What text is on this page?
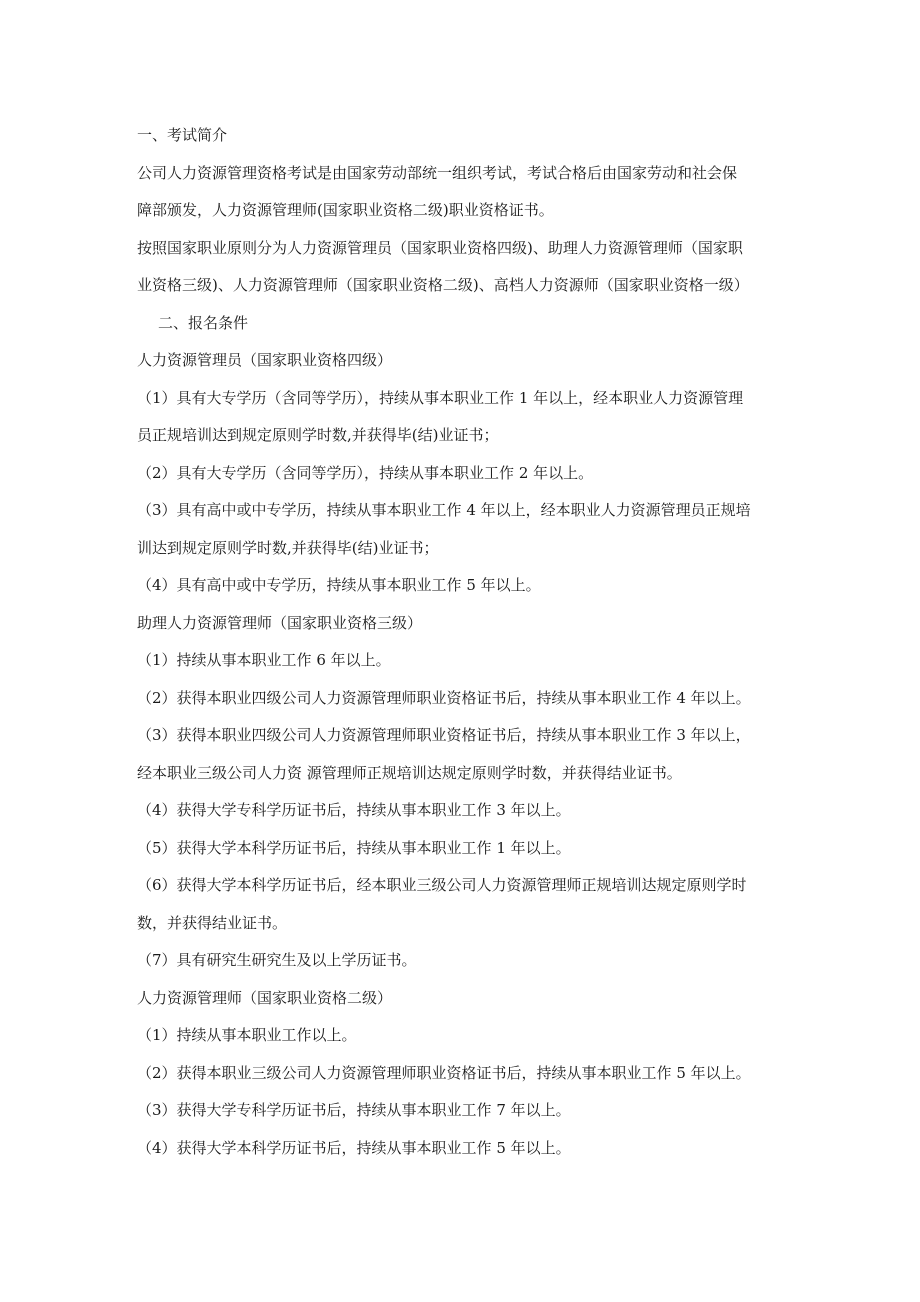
一、考试简介
公司人力资源管理资格考试是由国家劳动部统一组织考试，考试合格后由国家劳动和社会保
障部颁发，人力资源管理师(国家职业资格二级)职业资格证书。
按照国家职业原则分为人力资源管理员（国家职业资格四级)、助理人力资源管理师（国家职
业资格三级)、人力资源管理师（国家职业资格二级)、高档人力资源师（国家职业资格一级）
二、报名条件
人力资源管理员（国家职业资格四级）
（1）具有大专学历（含同等学历），持续从事本职业工作 1 年以上，经本职业人力资源管理
员正规培训达到规定原则学时数,并获得毕(结)业证书；
（2）具有大专学历（含同等学历），持续从事本职业工作 2 年以上。
（3）具有高中或中专学历，持续从事本职业工作 4 年以上，经本职业人力资源管理员正规培
训达到规定原则学时数,并获得毕(结)业证书；
（4）具有高中或中专学历，持续从事本职业工作 5 年以上。
助理人力资源管理师（国家职业资格三级）
（1）持续从事本职业工作 6 年以上。
（2）获得本职业四级公司人力资源管理师职业资格证书后，持续从事本职业工作 4 年以上。
（3）获得本职业四级公司人力资源管理师职业资格证书后，持续从事本职业工作 3 年以上，
经本职业三级公司人力资 源管理师正规培训达规定原则学时数，并获得结业证书。
（4）获得大学专科学历证书后，持续从事本职业工作 3 年以上。
（5）获得大学本科学历证书后，持续从事本职业工作 1 年以上。
（6）获得大学本科学历证书后，经本职业三级公司人力资源管理师正规培训达规定原则学时
数，并获得结业证书。
（7）具有研究生研究生及以上学历证书。
人力资源管理师（国家职业资格二级）
（1）持续从事本职业工作以上。
（2）获得本职业三级公司人力资源管理师职业资格证书后，持续从事本职业工作 5 年以上。
（3）获得大学专科学历证书后，持续从事本职业工作 7 年以上。
（4）获得大学本科学历证书后，持续从事本职业工作 5 年以上。
